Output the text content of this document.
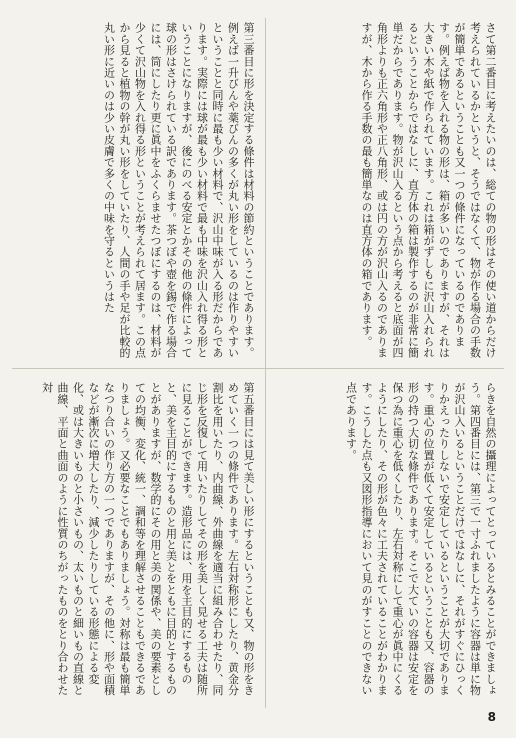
さて第二番目に考えたいのは、総ての物の形はその使い道からだけ考えられているかというと、そうではなくて、物が作る場合の手数が簡単であるということも又一つの條件になっているのであります。例えば物を入れる物の形は、箱が多いのでありますが、それは大きい木や紙で作られています。これは箱がずしもに沢山入れられるということからではなしに、直方体の箱は製作するのが非常に簡単だからであります。物が沢山入るという点から考えると底面が四角形よりも正六角形や正八角形、或は円の方が沢山入るのでありますが、木から作る手数の最も簡単なのは直方体の箱であります。
第三番目に形を決定する條件は材料の節約ということであります。例えば一升びんや薬びんの多くが丸い形をしているのは作りやすいということと同時に最も少い材料で、沢山中味が入る形だからであります。実際には球が最も少い材料で最も中味を沢山入れ得る形ということになりますが、後にのべる安定とかその他の條件によって球の形はさけられている訳であります。茶つぼや壺を錫で作る場合には、筒にしたり更に眞中をふくらませたつぼにするのは、材料が少くて沢山物を入れ得る形ということが考えられて居ます。この点から見ると植物の幹が丸い形をしていたり、人間の手や足が比較的丸い形に近いのは少い皮膚で多くの中味を守るというはた
らきを自然の攝理によってとっているとみることができましょう。第四番目には、第三で一寸ふれましたように容器は単に物が沢山入いるということだけではなしに、それがすぐにひっくりかえったりしないで安定しているということが大切であります。重心の位置が低くて安定しているということも又、容器の形の持つ大切な條件であります。そこで大ていの容器は安定を保つ為に重心を低くしたり、左右対称にして重心が眞中にくるようにしたり、その形が色々に工夫されていることがわかります。こうした点も又図形指導において見のがすことのできない点であります。
第五番目には見て美しい形にするということも又、物の形をきめていく一つの條件であります。左右対称形にしたり、黄金分割比を用いたり、内曲線、外曲線を適当に組み合わせたり、同じ形を反復して用いたりしてその形を美しく見せる工夫は随所に見ることができます。造形品には、用を主目的にするものと、美を主目的にするものと用と美とをともに目的とするものとがありますが、数学的にその用と美の関係や、美の要素としての均衡、変化、統一、調和等を理解させることもできるでありましょう。又必要なことでもありましょう。対称は最も簡単なつり合いの作り方の一つでありますが、その他に、形や面積などが漸次に増大したり、減少したりしている形態による変化、或は大きいものと小さいもの、太いものと細いもの直線と曲線、平面と曲面のように性質のちがったものをとり合わせた対
8
